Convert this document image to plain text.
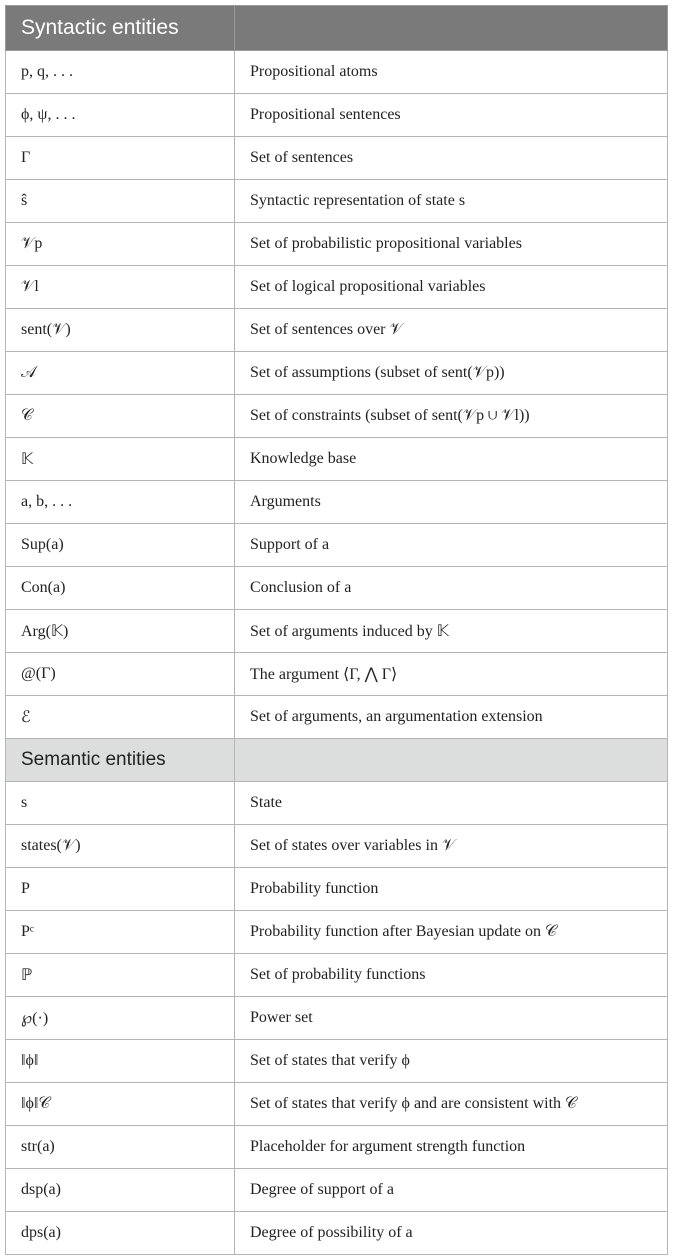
Syntactic entities	
p, q, . . .	Propositional atoms
ϕ, ψ, . . .	Propositional sentences
Γ	Set of sentences
ŝ	Syntactic representation of state s
𝒱p	Set of probabilistic propositional variables
𝒱l	Set of logical propositional variables
sent(𝒱)	Set of sentences over 𝒱
𝒜	Set of assumptions (subset of sent(𝒱p))
𝒞	Set of constraints (subset of sent(𝒱p ∪ 𝒱l))
𝕂	Knowledge base
a, b, . . .	Arguments
Sup(a)	Support of a
Con(a)	Conclusion of a
Arg(𝕂)	Set of arguments induced by 𝕂
@(Γ)	The argument ⟨Γ, ⋀ Γ⟩
ℰ	Set of arguments, an argumentation extension
Semantic entities	
s	State
states(𝒱)	Set of states over variables in 𝒱
P	Probability function
Pᶜ	Probability function after Bayesian update on 𝒞
ℙ	Set of probability functions
℘(·)	Power set
‖ϕ‖	Set of states that verify ϕ
‖ϕ‖𝒞	Set of states that verify ϕ and are consistent with 𝒞
str(a)	Placeholder for argument strength function
dsp(a)	Degree of support of a
dps(a)	Degree of possibility of a
